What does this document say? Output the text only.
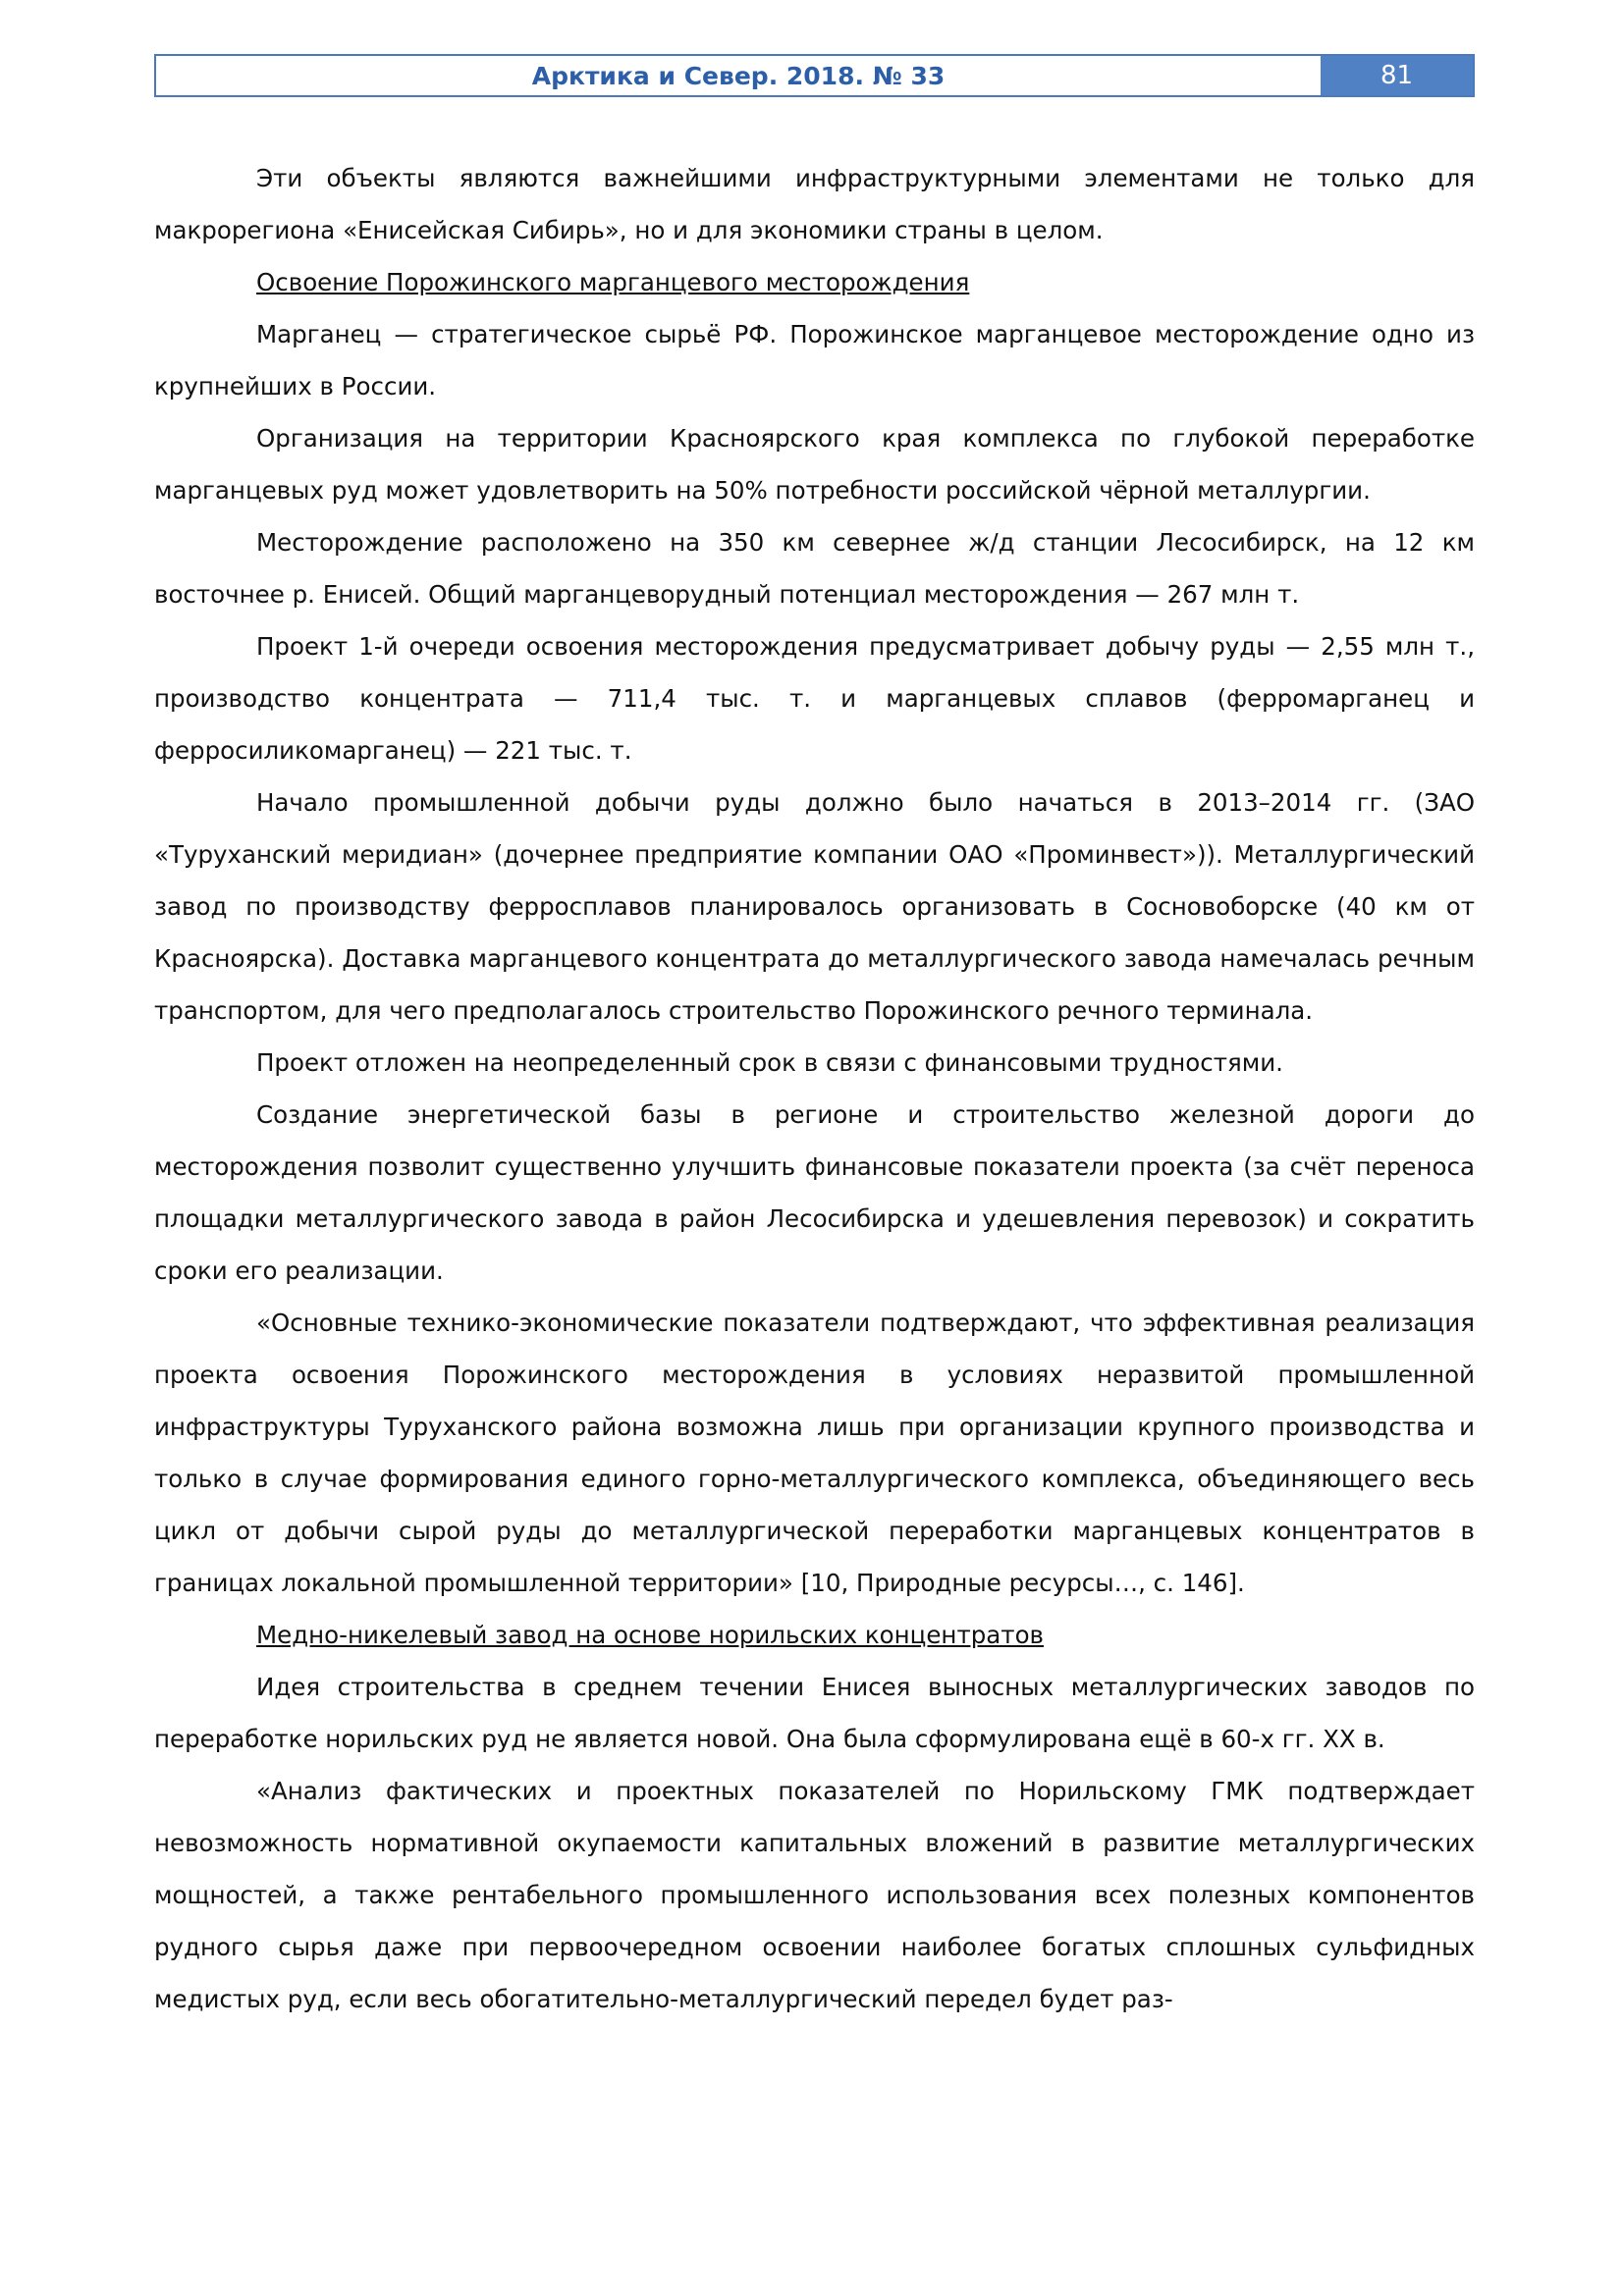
Арктика и Север. 2018. № 33	81

Эти объекты являются важнейшими инфраструктурными элементами не только для макрорегиона «Енисейская Сибирь», но и для экономики страны в целом.

Освоение Порожинского марганцевого месторождения

Марганец — стратегическое сырьё РФ. Порожинское марганцевое месторождение одно из крупнейших в России.

Организация на территории Красноярского края комплекса по глубокой переработке марганцевых руд может удовлетворить на 50% потребности российской чёрной металлургии.

Месторождение расположено на 350 км севернее ж/д станции Лесосибирск, на 12 км восточнее р. Енисей. Общий марганцеворудный потенциал месторождения — 267 млн т.

Проект 1-й очереди освоения месторождения предусматривает добычу руды — 2,55 млн т., производство концентрата — 711,4 тыс. т. и марганцевых сплавов (ферромарганец и ферросиликомарганец) — 221 тыс. т.

Начало промышленной добычи руды должно было начаться в 2013–2014 гг. (ЗАО «Туруханский меридиан» (дочернее предприятие компании ОАО «Проминвест»)). Металлургический завод по производству ферросплавов планировалось организовать в Сосновоборске (40 км от Красноярска). Доставка марганцевого концентрата до металлургического завода намечалась речным транспортом, для чего предполагалось строительство Порожинского речного терминала.

Проект отложен на неопределенный срок в связи с финансовыми трудностями.

Создание энергетической базы в регионе и строительство железной дороги до месторождения позволит существенно улучшить финансовые показатели проекта (за счёт переноса площадки металлургического завода в район Лесосибирска и удешевления перевозок) и сократить сроки его реализации.

«Основные технико-экономические показатели подтверждают, что эффективная реализация проекта освоения Порожинского месторождения в условиях неразвитой промышленной инфраструктуры Туруханского района возможна лишь при организации крупного производства и только в случае формирования единого горно-металлургического комплекса, объединяющего весь цикл от добычи сырой руды до металлургической переработки марганцевых концентратов в границах локальной промышленной территории» [10, Природные ресурсы…, с. 146].

Медно-никелевый завод на основе норильских концентратов

Идея строительства в среднем течении Енисея выносных металлургических заводов по переработке норильских руд не является новой. Она была сформулирована ещё в 60-х гг. XX в.

«Анализ фактических и проектных показателей по Норильскому ГМК подтверждает невозможность нормативной окупаемости капитальных вложений в развитие металлургических мощностей, а также рентабельного промышленного использования всех полезных компонентов рудного сырья даже при первоочередном освоении наиболее богатых сплошных сульфидных медистых руд, если весь обогатительно-металлургический передел будет раз-
